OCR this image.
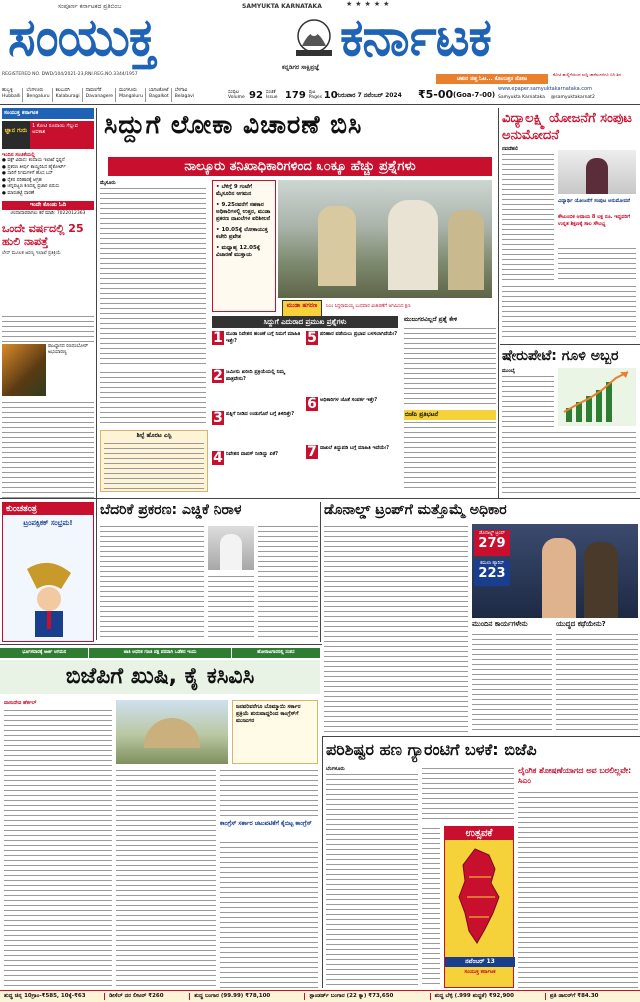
ಸಂಪೂರ್ಣ ಕರ್ನಾಟಕದ ಪ್ರತಿಬಿಂಬ	SAMYUKTA KARNATAKA	★★★★★
ಸಂಯುಕ್ತ	ಕರ್ನಾಟಕ
ಕನ್ನಡಿಗರ ಸಾಕ್ಷಿಪ್ರಜ್ಞೆ
REGISTERED NO. DWD/104/2021-23,RNI.REG.NO.3344/1957
ಚತುರ ಚಿತ್ತ ಓಟ... ಕೊಂಬತ್ತರ ನೋಟ
ಕೋಟಿ ಹುಲ್ಲಿಗೆಯಿಂದ ಸುದ್ದಿ ಚಾನೆಲುಗಳಿಗೂ ಬಿಗಿ ತಿದ
ಹುಬ್ಬಳ್ಳಿ
Hubballi
ಬೆಂಗಳೂರು
Bengaluru
ಕಲಬುರಗಿ
Kalaburagi
ದಾವಣಗೆರೆ
Davanagere
ಮಂಗಳೂರು
Mangaluru
ಬಾಗಲಕೋಟೆ
Bagalkot
ಬೆಳಗಾವಿ
Belagavi
ಸಂಪುಟ Volume 92 ಸಂಚಿಕೆ Issue 179 ಪುಟ Pages 10
ಗುರುವಾರ 7 ನವೆಂಬರ್ 2024 ₹5-00 (Goa-7-00)
www.epaper.samyuktakarnataka.com
Samyukta Karnataka @samyuktakarnat2
ಸಂಯುಕ್ತ ಕರ್ನಾಟಕ
ಜ್ಞಾನ ಗುರು
1 ಕೋಟಿ ರೂಪಾಯಿ ಗೆಲ್ಲುವ ಅವಕಾಶ
ಇಂದಿನ ಸಂಚಿಕೆಯಲ್ಲಿ
● ವಕ್ಫ್ ವಿವಾದ: ಕಂದಾಯ ಇಲಾಖೆ ಸ್ಪಷ್ಟನೆ
● ಪ್ರಕರಣ ತೀರ್ಪು ಕಾಯ್ದಿರಿಸಿದ ಹೈಕೋರ್ಟ್
● ಸಾರಿಗೆ ನಿಗಮಗಳಿಗೆ ಹೊಸ ಬಸ್
● ರೈತರ ಪರಿಹಾರಕ್ಕೆ ಆಗ್ರಹ
● ಚನ್ನಪಟ್ಟಣ ಕಣದಲ್ಲಿ ಪ್ರಚಾರ ಬಿರುಸು
● ಮಾರುಕಟ್ಟೆ ಧಾರಣೆ
ಇಂದೇ ಕೊಂಡು ಓದಿ
ಚಂದಾದಾರರಾಗಲು ಕರೆ ಮಾಡಿ: 7022012363
ಒಂದೇ ವರ್ಷದಲ್ಲಿ 25 ಹುಲಿ ನಾಪತ್ತೆ
ಲೇಸ್ ಮೂಲಕ ಅರಣ್ಯ ಇಲಾಖೆ ಪ್ರತಿಕ್ರಿಯೆ
ರಾಜಸ್ಥಾನದ ರಣಥಂಬೋರ್ ಅಭಯಾರಣ್ಯ
ಸಿದ್ದುಗೆ ಲೋಕಾ ವಿಚಾರಣೆ ಬಿಸಿ
ನಾಲ್ಕೂರು ತನಿಖಾಧಿಕಾರಿಗಳಿಂದ ೩೦ಕ್ಕೂ ಹೆಚ್ಚು ಪ್ರಶ್ನೆಗಳು
ಮೈಸೂರು
• ಬೆಳಿಗ್ಗೆ 9 ಗಂಟೆಗೆ ಮೈಸೂರಿನ ಆಗಮನ
• 9.25ರವರೆಗೆ ಸಹಕಾರ ಅಧಿಕಾರಿಗಳಲ್ಲಿ ಉತ್ತರ, ಮುಡಾ ಪ್ರಕರಣ ದಾಖಲೆಗಳ ಪರಿಶೀಲನೆ
• 10.05ಕ್ಕೆ ಲೋಕಾಯುಕ್ತ ಕಚೇರಿ ಪ್ರವೇಶ
• ಮಧ್ಯಾಹ್ನ 12.05ಕ್ಕೆ ವಿಚಾರಣೆ ಮುಕ್ತಾಯ
ಮುಡಾ ಹಗರಣ	ಸಿಎಂ ಸಿದ್ದರಾಮಯ್ಯ ಬುಧವಾರ ವಿಚಾರಣೆಗೆ ಆಗಮಿಸಿದ ಕ್ಷಣ
ಸಿದ್ದುಗೆ ಎದುರಾದ ಪ್ರಮುಖ ಪ್ರಶ್ನೆಗಳು
1 ಮುಡಾ ನಿವೇಶನ ಹಂಚಿಕೆ ಬಗ್ಗೆ ನಿಮಗೆ ಮಾಹಿತಿ ಇತ್ತೇ?
2 ಜಮೀನು ಖರೀದಿ ಪ್ರಕ್ರಿಯೆಯಲ್ಲಿ ನಿಮ್ಮ ಪಾತ್ರವೇನು?
3 ಪತ್ನಿಗೆ ನೀಡಿದ ಉಡುಗೊರೆ ಬಗ್ಗೆ ತಿಳಿದಿತ್ತೇ?
4 ನಿವೇಶನ ವಾಪಸ್ ನೀಡಿದ್ದು ಏಕೆ?
5 ಪರಿಹಾರ ಪಡೆಯಲು ಪ್ರಭಾವ ಬಳಸಲಾಗಿದೆಯೇ?
6 ಅಧಿಕಾರಿಗಳ ಜೊತೆ ಸಂಪರ್ಕ ಇತ್ತೇ?
7 ದಾಖಲೆ ತಿದ್ದುಪಡಿ ಬಗ್ಗೆ ಮಾಹಿತಿ ಇದೆಯೇ?
ಶಿಲ್ಪೆ ಹೊರಟ ಎಸ್ಪಿ
ಮುಜುಗರವಿಲ್ಲದೆ ಪ್ರಶ್ನೆ ಕೇಳಿ
ಬಿಜೆಪಿ ಪ್ರತಿಭಟನೆ
ವಿದ್ಯಾಲಕ್ಷ್ಮಿ ಯೋಜನೆಗೆ ಸಂಪುಟ ಅನುಮೋದನೆ
ನವದೆಹಲಿ
ವಿದ್ಯಾರ್ಥಿ ಯೋಜನೆಗೆ ಸಂಪುಟ ಅನುಮೋದನೆ
ಕೌಟುಂಬಿಕ ಆದಾಯ 8 ಲಕ್ಷ ರೂ. ಇದ್ದವರಿಗೆ ಉನ್ನತ ಶಿಕ್ಷಣಕ್ಕೆ ಸಾಲ ಸೌಲಭ್ಯ
ಷೇರುಪೇಟೆ: ಗೂಳಿ ಅಬ್ಬರ
ಮುಂಬೈ
ಕುಂಚತಂತ್ರ
ಟ್ರಂಪಕ್ಸಿಕಕ್ ಸಂಭ್ರಮ!
ಬೆದರಿಕೆ ಪ್ರಕರಣ: ಎಚ್ಡಿಕೆ ನಿರಾಳ	ಡೊನಾಲ್ಡ್ ಟ್ರಂಪ್‌ಗೆ ಮತ್ತೊಮ್ಮೆ ಅಧಿಕಾರ
ಡೊನಾಲ್ಡ್ ಟ್ರಂಪ್
279
ಕಮಲಾ ಹ್ಯಾರಿಸ್
223
ಮುಂದಿನ ಕಾರ್ಯಗಳೇನು	ಯುದ್ಧದ ಕಥೆಯೇನು?
ಭೂಗಳವಾರಕ್ಕೆ ಅರ್ಜಿ ಆಗಮನ	ಜಾತಿ ಆಧರಿತ ಗಣತಿ ಪಕ್ಷ ಪರವಾಗಿ ಒಡೆತನ ಇಂದು	ಹೋರಾಟಗಾರರಲ್ಲಿ ಸಂತಸ
ಬಿಜೆಪಿಗೆ ಖುಷಿ, ಕೈ ಕಸಿವಿಸಿ
ವಾಸುದೇವ ಹೆರ್ಕಲ್
ಜನವರಿವರೆಗೂ ಬೊಮ್ಮಾಯಿ ಸರ್ಕಾರ ಪ್ರಕ್ರಿಯೆ ಶುರುವಾದ್ದರಿಂದ ಕಾಂಗ್ರೆಸ್‌ಗೆ ಮುಜುಗರ
ಕಾಂಗ್ರೆಸ್ ಸರ್ಕಾರ ಚಟುವಟಿಕೆಗೆ ಕೈಬಿಟ್ಟ ಕಾಂಗ್ರೆಸ್
ಪರಿಶಿಷ್ಟರ ಹಣ ಗ್ಯಾರಂಟಿಗೆ ಬಳಕೆ: ಬಿಜೆಪಿ
ಬೆಂಗಳೂರು
ಉತ್ಸವಕೆ
ನವೆಂಬರ್ 13
ಸಂಯುಕ್ತ ಕರ್ನಾಟಕ
ಲೈಂಗಿಕ ಶೋಷಣೆಯಾಗದ ಅವ ಬರಲಿಲ್ಲವೇ: ಸಿಎಂ
ಶುದ್ಧ ಚಿನ್ನ 10ಗ್ರಾಂ-₹585, 10ಕ್ಕೆ-₹63	ಡೀಸೆಲ್ ದರ ಲೀಟರ್ ₹260	ಶುದ್ಧ ಬಂಗಾರ (99.99) ₹78,100	ಸ್ಟಾಂಡರ್ಡ್ ಬಂಗಾರ (22 ಕ್ಯಾ) ₹73,650	ಶುದ್ಧ ಬೆಳ್ಳಿ (.999 ಶುದ್ಧತೆ) ₹92,900	ಪ್ರತಿ ಡಾಲರ್‌ಗೆ ₹84.30
